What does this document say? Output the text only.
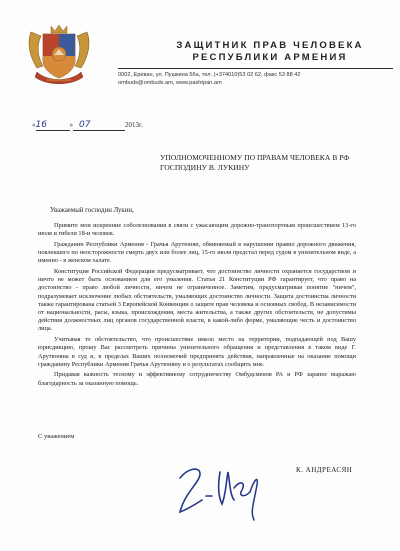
ЗАЩИТНИК ПРАВ ЧЕЛОВЕКА
РЕСПУБЛИКИ АРМЕНИЯ
0002, Ереван, ул. Пушкина 56а, тел. (+374010)53 02 62, факс 53 88 42
ombuds@ombuds.am, www.pashtpan.am
«16	» 07	2013г.
УПОЛНОМОЧЕННОМУ ПО ПРАВАМ ЧЕЛОВЕКА В РФ
ГОСПОДИНУ В. ЛУКИНУ
Уважаемый господин Лукин,

Примите мои искренние соболезнования в связи с ужасающим дорожно-транспортным происшествием 13-го июля и гибели 18-и человек.

Гражданин Республики Армения - Грачья Арутюнян, обвиняемый в нарушении правил дорожного движения, повлекшего по неосторожности смерть двух или более лиц, 15-го июля предстал перед судом в унизительном виде, а именно - в женском халате.

Конституция Российской Федерации предусматривает, что достоинство личности охраняется государством и ничто не может быть основанием для его умаления. Статья 21 Конституции РФ гарантирует, что право на достоинство - право любой личности, ничем не ограниченное. Заметим, предусматривая понятие "ничем", подразумевает исключение любых обстоятельств, умаляющих достоинство личности. Защита достоинства личности также гарантирована статьей 3 Европейской Конвенции о защите прав человека и основных свобод. В независимости от национальности, расы, языка, происхождения, места жительства, а также других обстоятельств, не допустимы действия должностных лиц органов государственной власти, в какой-либо форме, умаляющие честь и достоинство лица.

Учитывая то обстоятельство, что происшествие имело место на территории, подпадающей под Вашу юрисдикцию, прошу Вас рассмотреть причины унизительного обращения и представления в таком виде Г. Арутюняна в суд и, в пределах Ваших полномочий предпринять действия, направленные на оказание помощи гражданину Республики Армения Грачья Арутюняну и о результатах сообщить мне.

Придавая важность тесному и эффективному сотрудничеству Омбудсменов РА и РФ заранее выражаю благодарность за оказанную помощь.

С уважением
К. АНДРЕАСЯН
